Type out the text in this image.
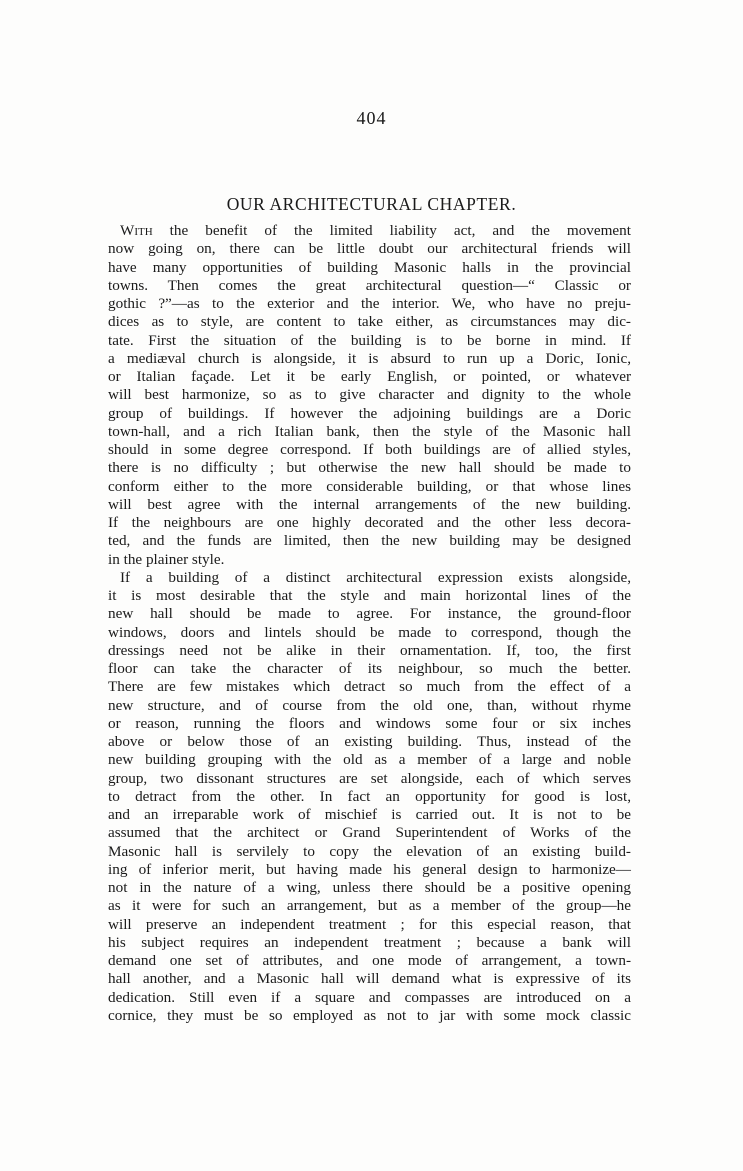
404
OUR ARCHITECTURAL CHAPTER.
With the benefit of the limited liability act, and the movement
now going on, there can be little doubt our architectural friends will
have many opportunities of building Masonic halls in the provincial
towns. Then comes the great architectural question—“ Classic or
gothic ?”—as to the exterior and the interior. We, who have no preju-
dices as to style, are content to take either, as circumstances may dic-
tate. First the situation of the building is to be borne in mind. If
a mediæval church is alongside, it is absurd to run up a Doric, Ionic,
or Italian façade. Let it be early English, or pointed, or whatever
will best harmonize, so as to give character and dignity to the whole
group of buildings. If however the adjoining buildings are a Doric
town-hall, and a rich Italian bank, then the style of the Masonic hall
should in some degree correspond. If both buildings are of allied styles,
there is no difficulty ; but otherwise the new hall should be made to
conform either to the more considerable building, or that whose lines
will best agree with the internal arrangements of the new building.
If the neighbours are one highly decorated and the other less decora-
ted, and the funds are limited, then the new building may be designed
in the plainer style.
If a building of a distinct architectural expression exists alongside,
it is most desirable that the style and main horizontal lines of the
new hall should be made to agree. For instance, the ground-floor
windows, doors and lintels should be made to correspond, though the
dressings need not be alike in their ornamentation. If, too, the first
floor can take the character of its neighbour, so much the better.
There are few mistakes which detract so much from the effect of a
new structure, and of course from the old one, than, without rhyme
or reason, running the floors and windows some four or six inches
above or below those of an existing building. Thus, instead of the
new building grouping with the old as a member of a large and noble
group, two dissonant structures are set alongside, each of which serves
to detract from the other. In fact an opportunity for good is lost,
and an irreparable work of mischief is carried out. It is not to be
assumed that the architect or Grand Superintendent of Works of the
Masonic hall is servilely to copy the elevation of an existing build-
ing of inferior merit, but having made his general design to harmonize—
not in the nature of a wing, unless there should be a positive opening
as it were for such an arrangement, but as a member of the group—he
will preserve an independent treatment ; for this especial reason, that
his subject requires an independent treatment ; because a bank will
demand one set of attributes, and one mode of arrangement, a town-
hall another, and a Masonic hall will demand what is expressive of its
dedication. Still even if a square and compasses are introduced on a
cornice, they must be so employed as not to jar with some mock classic
